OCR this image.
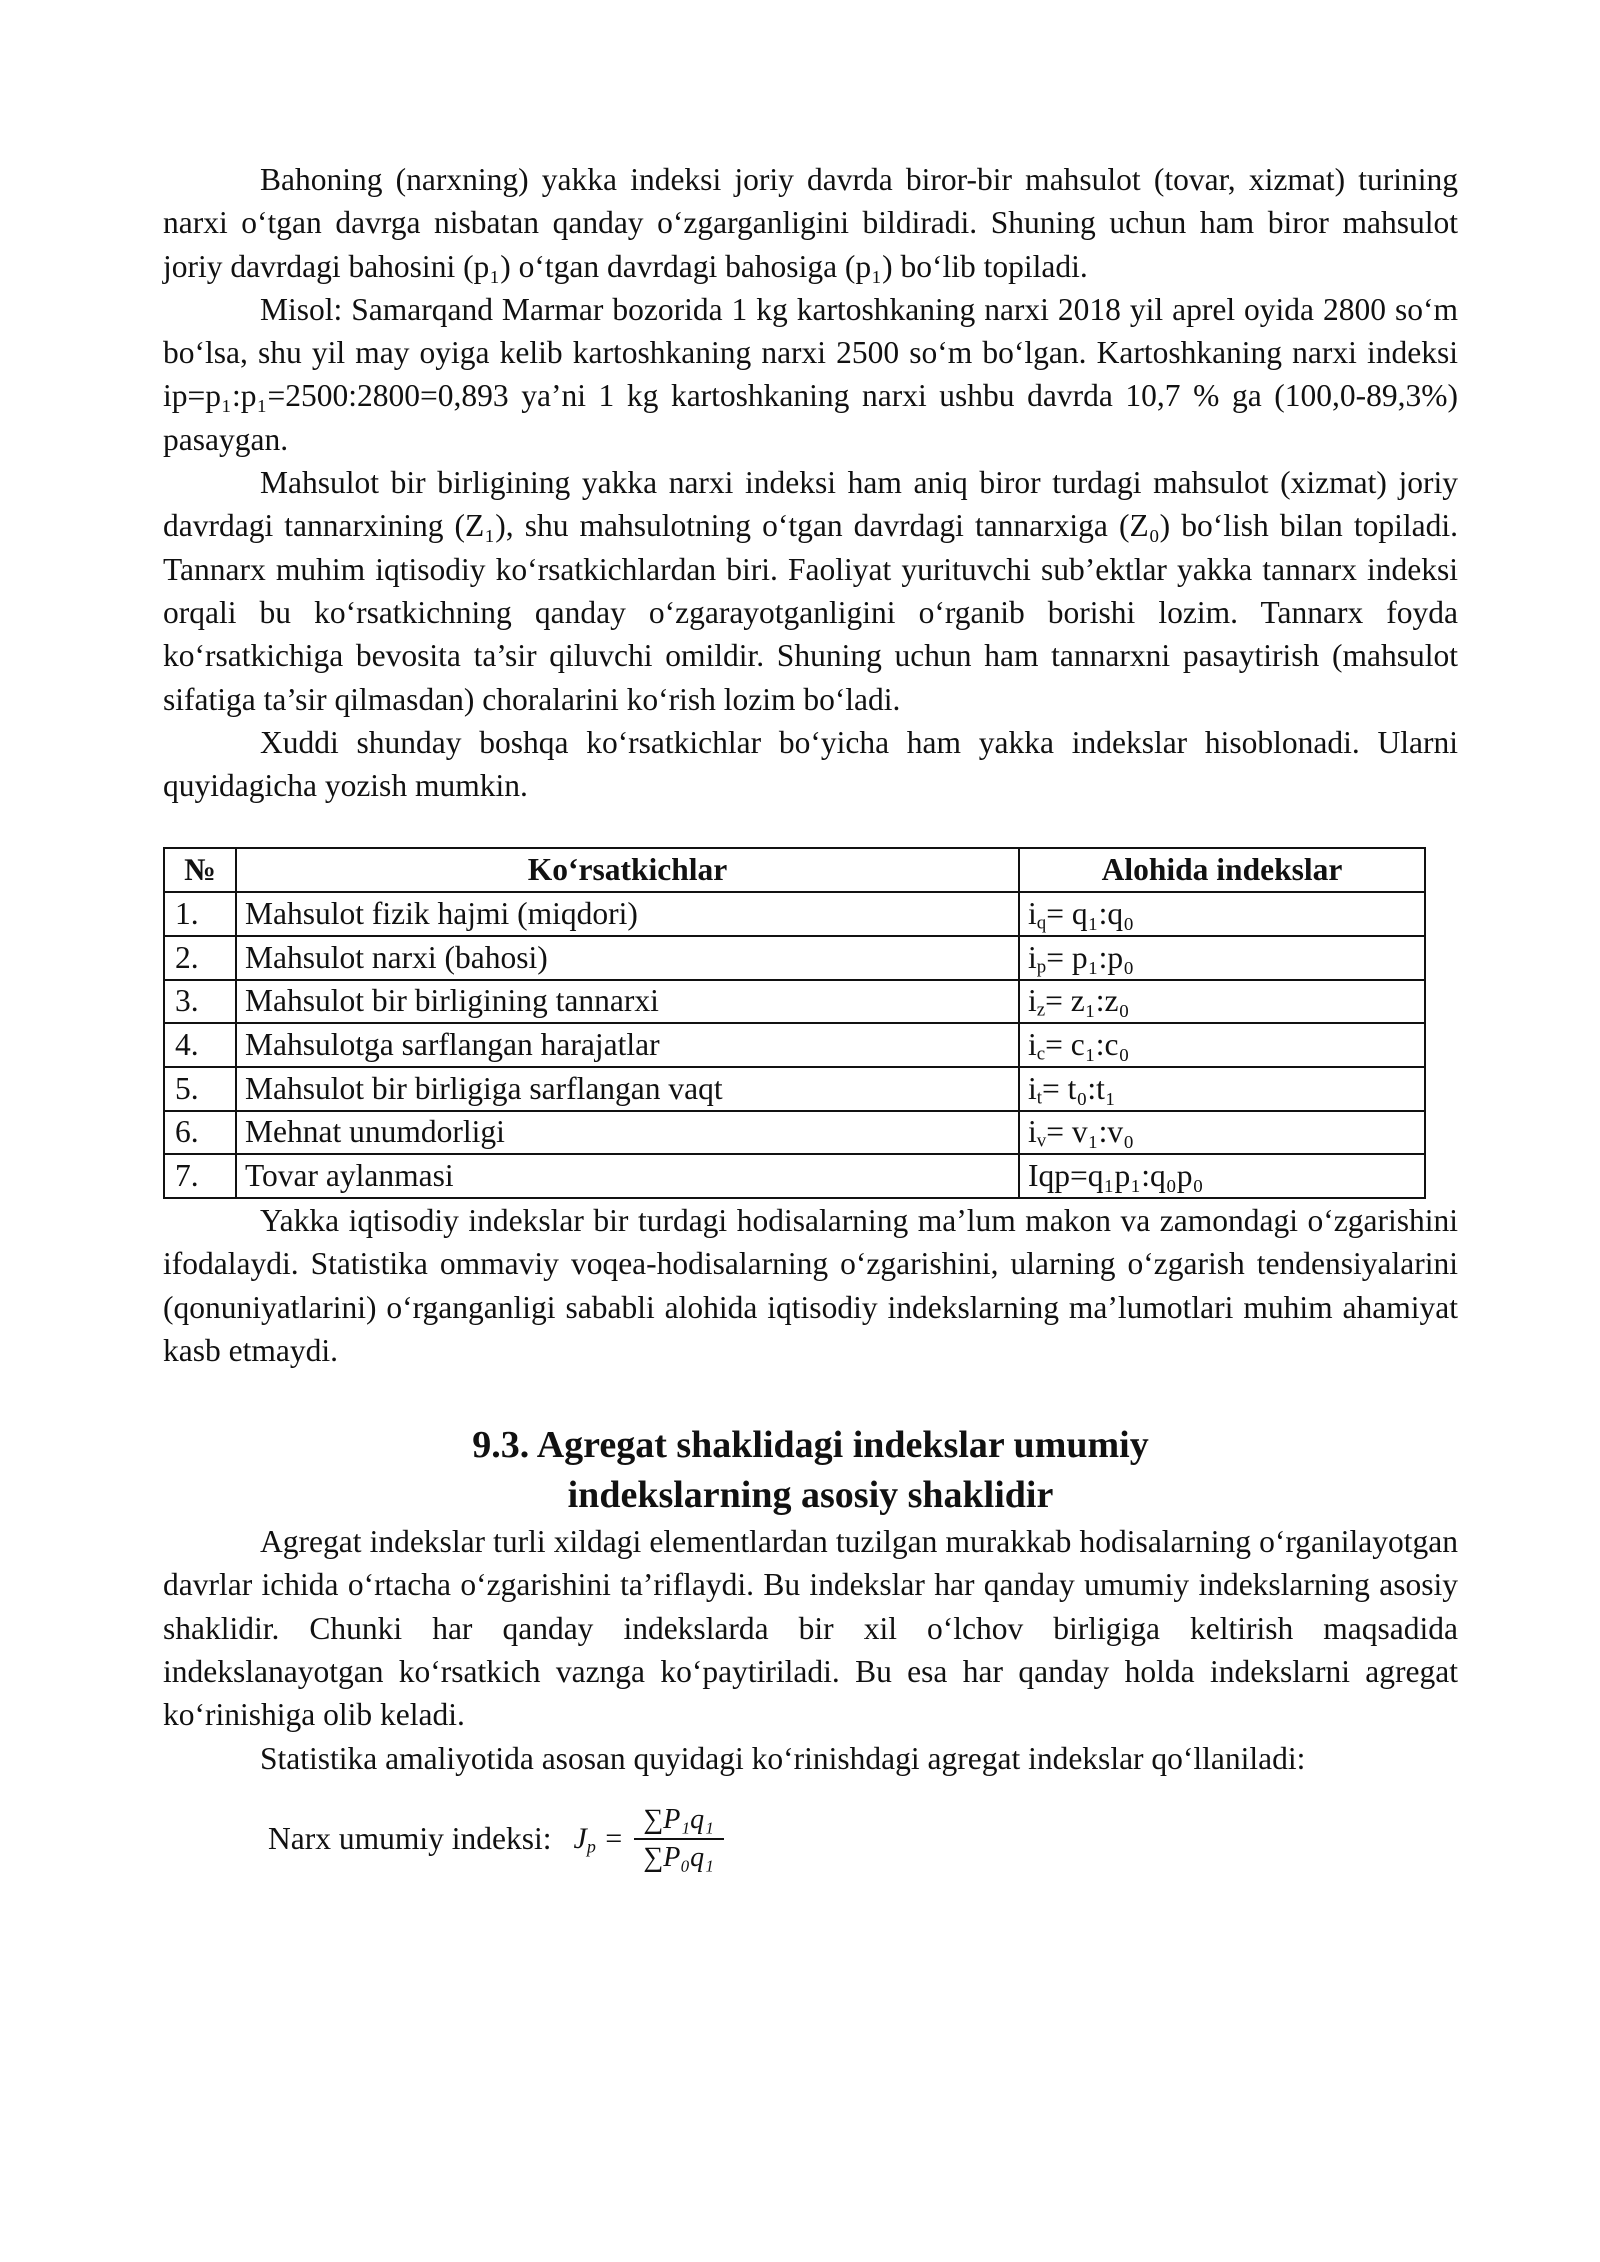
Bahoning (narxning) yakka indeksi joriy davrda biror-bir mahsulot (tovar, xizmat) turining narxi o‘tgan davrga nisbatan qanday o‘zgarganligini bildiradi. Shuning uchun ham biror mahsulot joriy davrdagi bahosini (p₁) o‘tgan davrdagi bahosiga (p₁) bo‘lib topiladi.

Misol: Samarqand Marmar bozorida 1 kg kartoshkaning narxi 2018 yil aprel oyida 2800 so‘m bo‘lsa, shu yil may oyiga kelib kartoshkaning narxi 2500 so‘m bo‘lgan. Kartoshkaning narxi indeksi ip=p₁:p₁=2500:2800=0,893 ya’ni 1 kg kartoshkaning narxi ushbu davrda 10,7 % ga (100,0-89,3%) pasaygan.

Mahsulot bir birligining yakka narxi indeksi ham aniq biror turdagi mahsulot (xizmat) joriy davrdagi tannarxining (Z₁), shu mahsulotning o‘tgan davrdagi tannarxiga (Z₀) bo‘lish bilan topiladi. Tannarx muhim iqtisodiy ko‘rsatkichlardan biri. Faoliyat yurituvchi sub’ektlar yakka tannarx indeksi orqali bu ko‘rsatkichning qanday o‘zgarayotganligini o‘rganib borishi lozim. Tannarx foyda ko‘rsatkichiga bevosita ta’sir qiluvchi omildir. Shuning uchun ham tannarxni pasaytirish (mahsulot sifatiga ta’sir qilmasdan) choralarini ko‘rish lozim bo‘ladi.

Xuddi shunday boshqa ko‘rsatkichlar bo‘yicha ham yakka indekslar hisoblonadi. Ularni quyidagicha yozish mumkin.

№	Ko‘rsatkichlar	Alohida indekslar
1.	Mahsulot fizik hajmi (miqdori)	$i_q=$ q₁:q₀
2.	Mahsulot narxi (bahosi)	$i_p=$ p₁:p₀
3.	Mahsulot bir birligining tannarxi	$i_z=$ z₁:z₀
4.	Mahsulotga sarflangan harajatlar	$i_c=$ c₁:c₀
5.	Mahsulot bir birligiga sarflangan vaqt	$i_t=$ t₀:t₁
6.	Mehnat unumdorligi	$i_v=$ v₁:v₀
7.	Tovar aylanmasi	Iqp=q₁p₁:q₀p₀

Yakka iqtisodiy indekslar bir turdagi hodisalarning ma’lum makon va zamondagi o‘zgarishini ifodalaydi. Statistika ommaviy voqea-hodisalarning o‘zgarishini, ularning o‘zgarish tendensiyalarini (qonuniyatlarini) o‘rganganligi sababli alohida iqtisodiy indekslarning ma’lumotlari muhim ahamiyat kasb etmaydi.

9.3. Agregat shaklidagi indekslar umumiy
indekslarning asosiy shaklidir

Agregat indekslar turli xildagi elementlardan tuzilgan murakkab hodisalarning o‘rganilayotgan davrlar ichida o‘rtacha o‘zgarishini ta’riflaydi. Bu indekslar har qanday umumiy indekslarning asosiy shaklidir. Chunki har qanday indekslarda bir xil o‘lchov birligiga keltirish maqsadida indekslanayotgan ko‘rsatkich vaznga ko‘paytiriladi. Bu esa har qanday holda indekslarni agregat ko‘rinishiga olib keladi.

Statistika amaliyotida asosan quyidagi ko‘rinishdagi agregat indekslar qo‘llaniladi:

Narx umumiy indeksi: $J_p = \frac{\text{∑P₁q₁}}{\text{∑P₀q₁}}$
